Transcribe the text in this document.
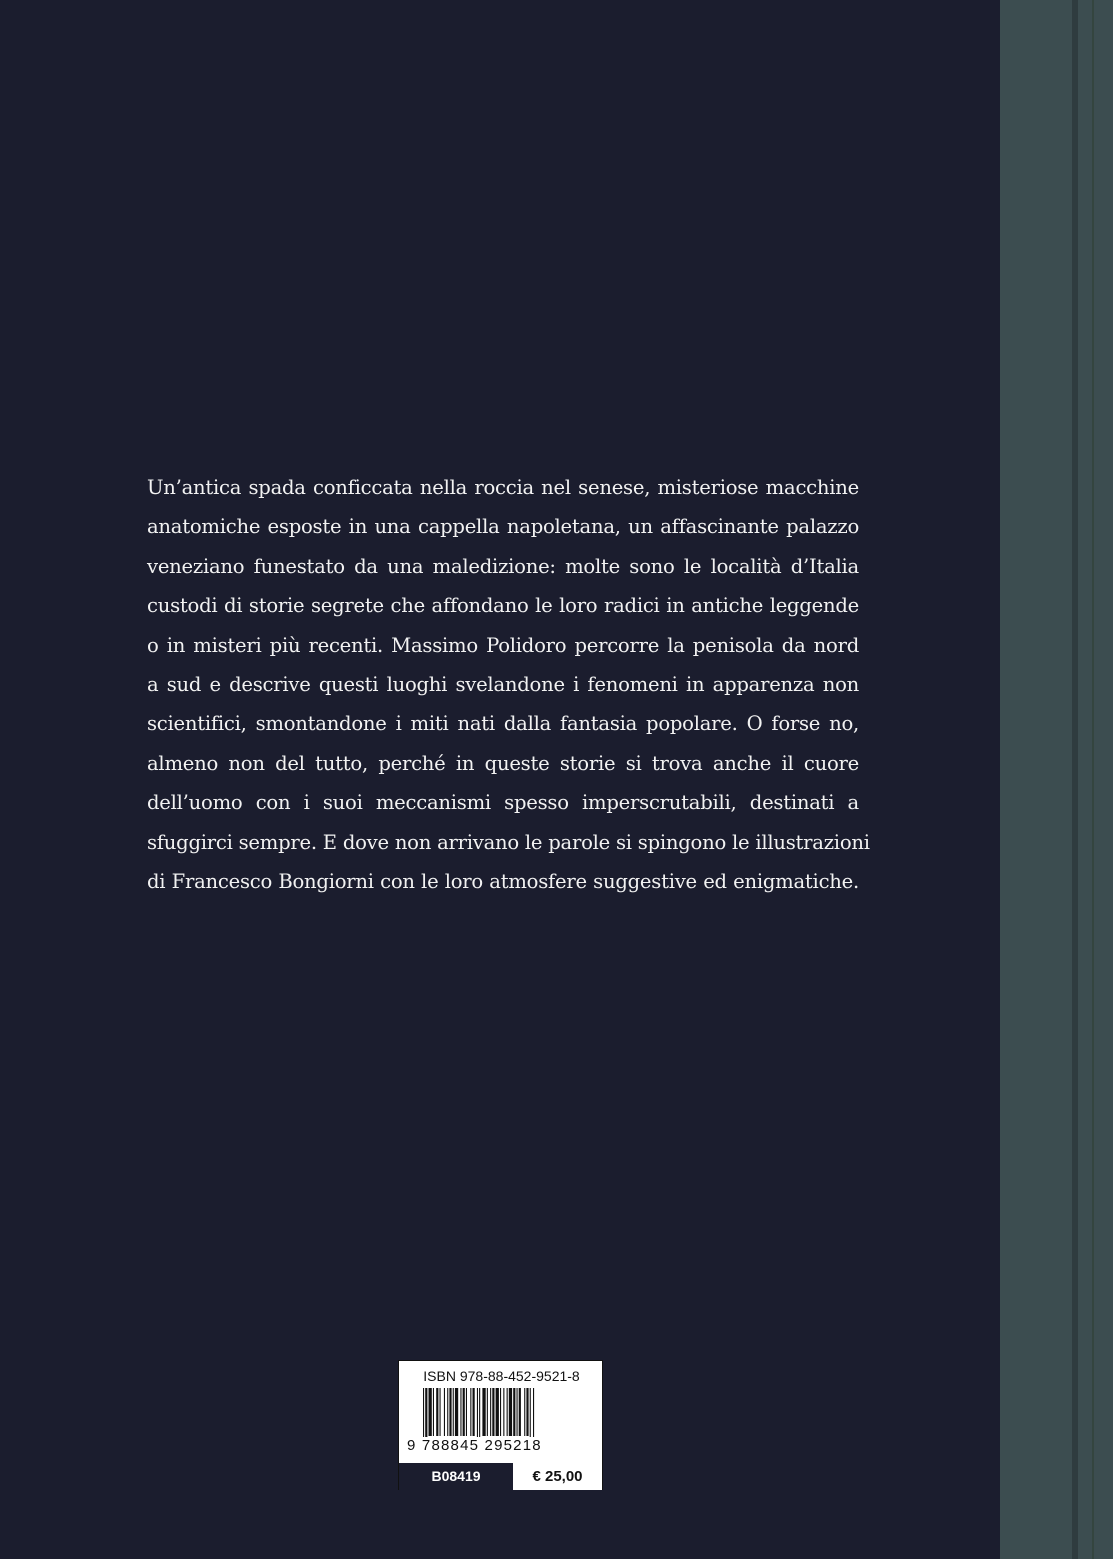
Un’antica spada conficcata nella roccia nel senese, misteriose macchine
anatomiche esposte in una cappella napoletana, un affascinante palazzo
veneziano funestato da una maledizione: molte sono le località d’Italia
custodi di storie segrete che affondano le loro radici in antiche leggende
o in misteri più recenti. Massimo Polidoro percorre la penisola da nord
a sud e descrive questi luoghi svelandone i fenomeni in apparenza non
scientifici, smontandone i miti nati dalla fantasia popolare. O forse no,
almeno non del tutto, perché in queste storie si trova anche il cuore
dell’uomo con i suoi meccanismi spesso imperscrutabili, destinati a
sfuggirci sempre. E dove non arrivano le parole si spingono le illustrazioni
di Francesco Bongiorni con le loro atmosfere suggestive ed enigmatiche.

ISBN 978-88-452-9521-8
9 788845 295218
B08419	€ 25,00
